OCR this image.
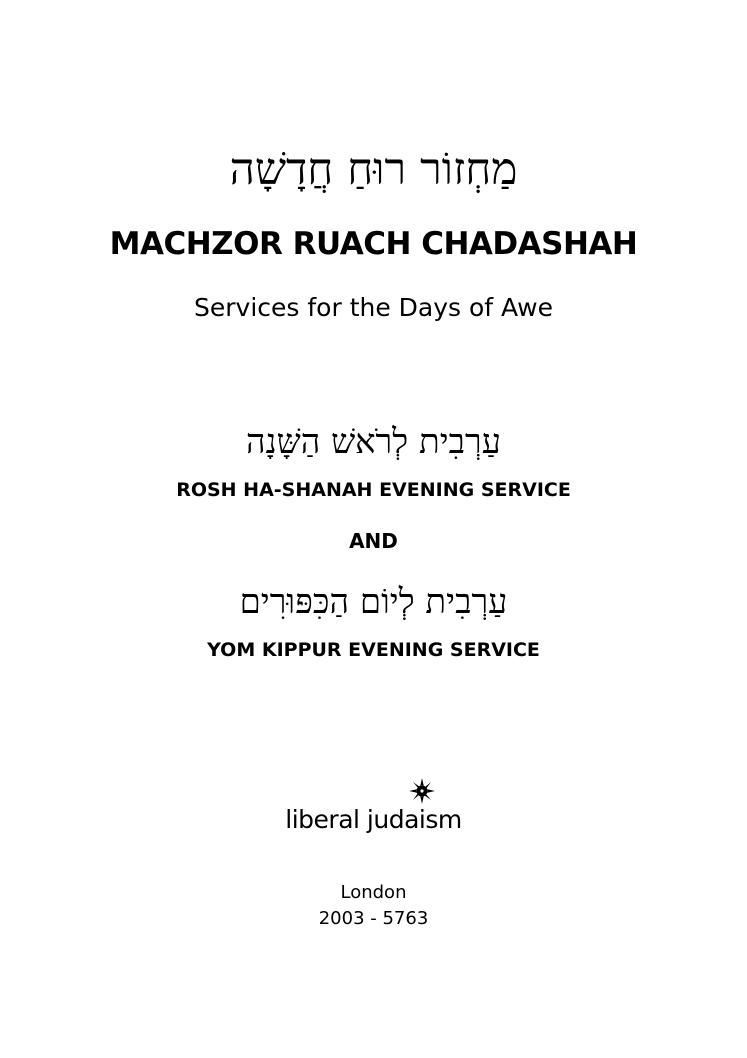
מַחְזוֹר רוּחַ חֲדָשָׁה
MACHZOR RUACH CHADASHAH
Services for the Days of Awe
עַרְבִית לְרֹאשׁ הַשָּׁנָה
ROSH HA-SHANAH EVENING SERVICE
AND
עַרְבִית לְיוֹם הַכִּפּוּרִים
YOM KIPPUR EVENING SERVICE
liberal judaism
London
2003 - 5763
